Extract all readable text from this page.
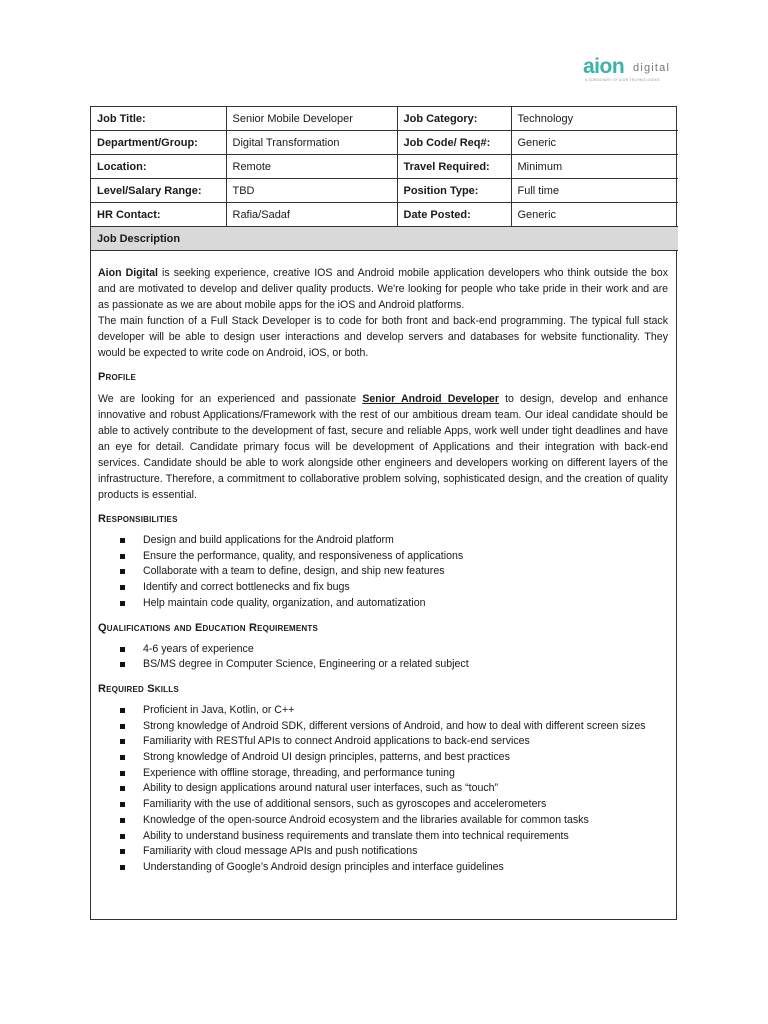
aion digital
A SUBSIDIARY OF AION TECHNOLOGIES
Job Title:	Senior Mobile Developer	Job Category:	Technology
Department/Group:	Digital Transformation	Job Code/ Req#:	Generic
Location:	Remote	Travel Required:	Minimum
Level/Salary Range:	TBD	Position Type:	Full time
HR Contact:	Rafia/Sadaf	Date Posted:	Generic
Job Description			

Aion Digital is seeking experience, creative IOS and Android mobile application developers who think outside the box and are motivated to develop and deliver quality products. We're looking for people who take pride in their work and are as passionate as we are about mobile apps for the iOS and Android platforms.

The main function of a Full Stack Developer is to code for both front and back-end programming. The typical full stack developer will be able to design user interactions and develop servers and databases for website functionality. They would be expected to write code on Android, iOS, or both.

Profile

We are looking for an experienced and passionate Senior Android Developer to design, develop and enhance innovative and robust Applications/Framework with the rest of our ambitious dream team. Our ideal candidate should be able to actively contribute to the development of fast, secure and reliable Apps, work well under tight deadlines and have an eye for detail. Candidate primary focus will be development of Applications and their integration with back-end services. Candidate should be able to work alongside other engineers and developers working on different layers of the infrastructure. Therefore, a commitment to collaborative problem solving, sophisticated design, and the creation of quality products is essential.

Responsibilities
Design and build applications for the Android platform
Ensure the performance, quality, and responsiveness of applications
Collaborate with a team to define, design, and ship new features
Identify and correct bottlenecks and fix bugs
Help maintain code quality, organization, and automatization
Qualifications and Education Requirements
4-6 years of experience
BS/MS degree in Computer Science, Engineering or a related subject
Required Skills
Proficient in Java, Kotlin, or C++
Strong knowledge of Android SDK, different versions of Android, and how to deal with different screen sizes
Familiarity with RESTful APIs to connect Android applications to back-end services
Strong knowledge of Android UI design principles, patterns, and best practices
Experience with offline storage, threading, and performance tuning
Ability to design applications around natural user interfaces, such as “touch”
Familiarity with the use of additional sensors, such as gyroscopes and accelerometers
Knowledge of the open-source Android ecosystem and the libraries available for common tasks
Ability to understand business requirements and translate them into technical requirements
Familiarity with cloud message APIs and push notifications
Understanding of Google’s Android design principles and interface guidelines
